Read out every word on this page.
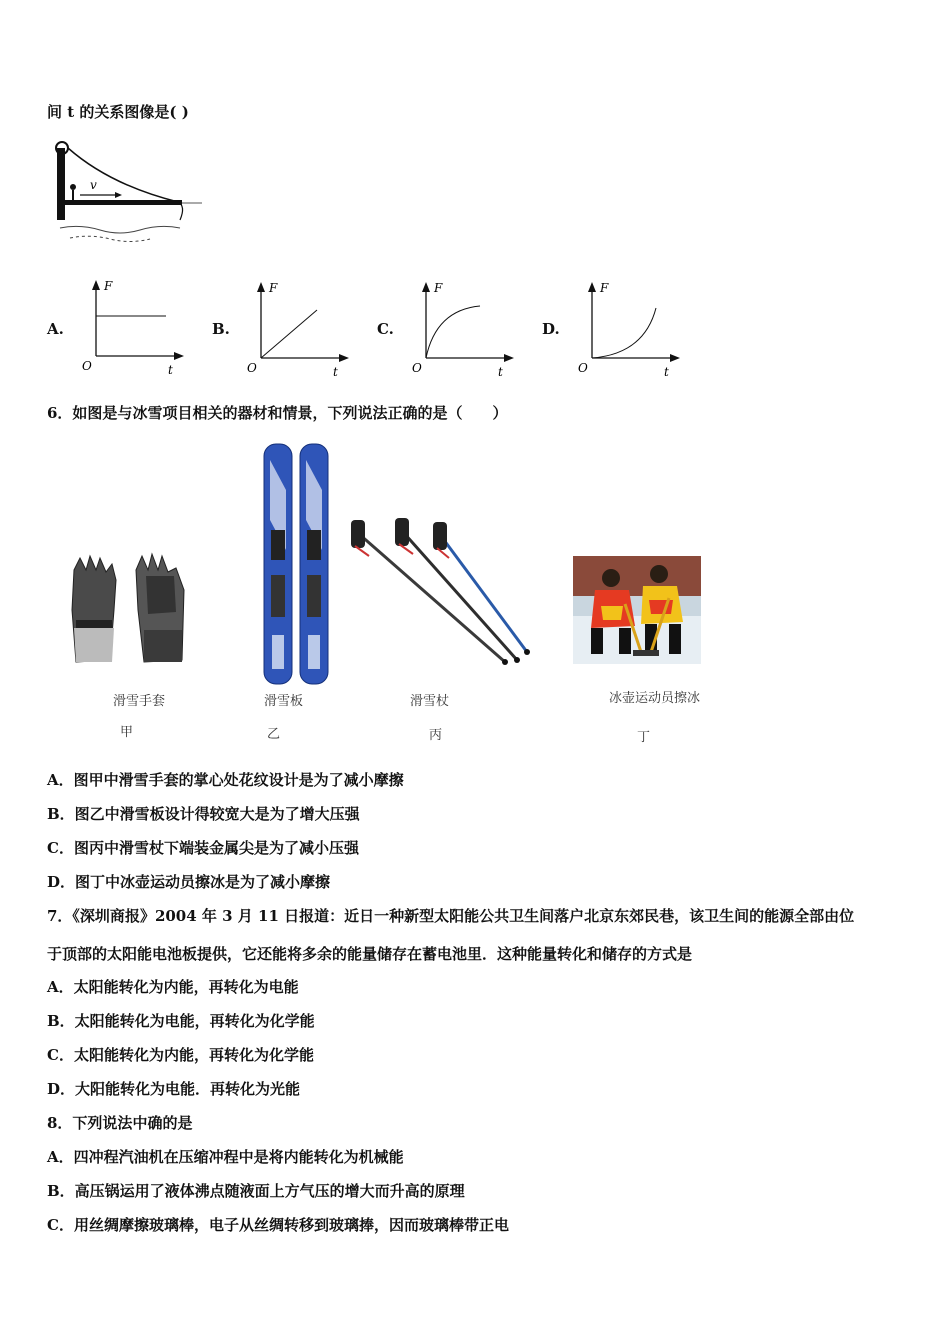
间 t 的关系图像是( )
v
A.
F
t
O
B.
F
t
O
C.
F
t
O
D.
F
t
O
6．如图是与冰雪项目相关的器材和情景，下列说法正确的是（　　）
滑雪手套	滑雪板	滑雪杖	冰壶运动员擦冰
甲	乙	丙	丁
A．图甲中滑雪手套的掌心处花纹设计是为了减小摩擦
B．图乙中滑雪板设计得较宽大是为了增大压强
C．图丙中滑雪杖下端装金属尖是为了减小压强
D．图丁中冰壶运动员擦冰是为了减小摩擦
7．《深圳商报》2004 年 3 月 11 日报道：近日一种新型太阳能公共卫生间落户北京东郊民巷，该卫生间的能源全部由位
于顶部的太阳能电池板提供，它还能将多余的能量储存在蓄电池里．这种能量转化和储存的方式是
A．太阳能转化为内能，再转化为电能
B．太阳能转化为电能，再转化为化学能
C．太阳能转化为内能，再转化为化学能
D．大阳能转化为电能．再转化为光能
8．下列说法中确的是
A．四冲程汽油机在压缩冲程中是将内能转化为机械能
B．高压锅运用了液体沸点随液面上方气压的增大而升高的原理
C．用丝绸摩擦玻璃棒，电子从丝绸转移到玻璃捧，因而玻璃棒带正电
